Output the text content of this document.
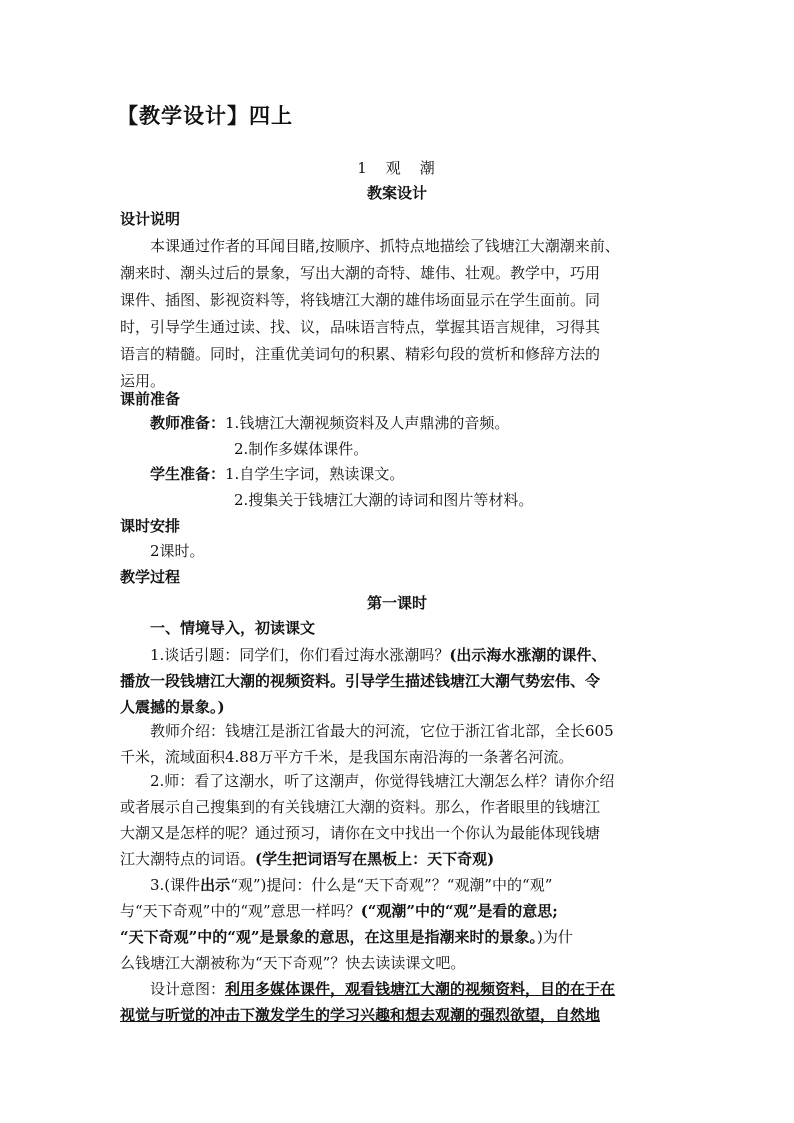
【教学设计】四上
1　观　潮
教案设计
设计说明
本课通过作者的耳闻目睹,按顺序、抓特点地描绘了钱塘江大潮潮来前、
潮来时、潮头过后的景象，写出大潮的奇特、雄伟、壮观。教学中，巧用
课件、插图、影视资料等，将钱塘江大潮的雄伟场面显示在学生面前。同
时，引导学生通过读、找、议，品味语言特点，掌握其语言规律，习得其
语言的精髓。同时，注重优美词句的积累、精彩句段的赏析和修辞方法的
运用。
课前准备
教师准备：1.钱塘江大潮视频资料及人声鼎沸的音频。
2.制作多媒体课件。
学生准备：1.自学生字词，熟读课文。
2.搜集关于钱塘江大潮的诗词和图片等材料。
课时安排
2课时。
教学过程
第一课时
一、情境导入，初读课文
1.谈话引题：同学们，你们看过海水涨潮吗？(出示海水涨潮的课件、
播放一段钱塘江大潮的视频资料。引导学生描述钱塘江大潮气势宏伟、令
人震撼的景象。)
教师介绍：钱塘江是浙江省最大的河流，它位于浙江省北部，全长605
千米，流域面积4.88万平方千米，是我国东南沿海的一条著名河流。
2.师：看了这潮水，听了这潮声，你觉得钱塘江大潮怎么样？请你介绍
或者展示自己搜集到的有关钱塘江大潮的资料。那么，作者眼里的钱塘江
大潮又是怎样的呢？通过预习，请你在文中找出一个你认为最能体现钱塘
江大潮特点的词语。(学生把词语写在黑板上：天下奇观)
3.(课件出示“观”)提问：什么是“天下奇观”？“观潮”中的“观”
与“天下奇观”中的“观”意思一样吗？(“观潮”中的“观”是看的意思;
“天下奇观”中的“观”是景象的意思，在这里是指潮来时的景象。)为什
么钱塘江大潮被称为“天下奇观”？快去读读课文吧。
设计意图：利用多媒体课件，观看钱塘江大潮的视频资料，目的在于在
视觉与听觉的冲击下激发学生的学习兴趣和想去观潮的强烈欲望，自然地
